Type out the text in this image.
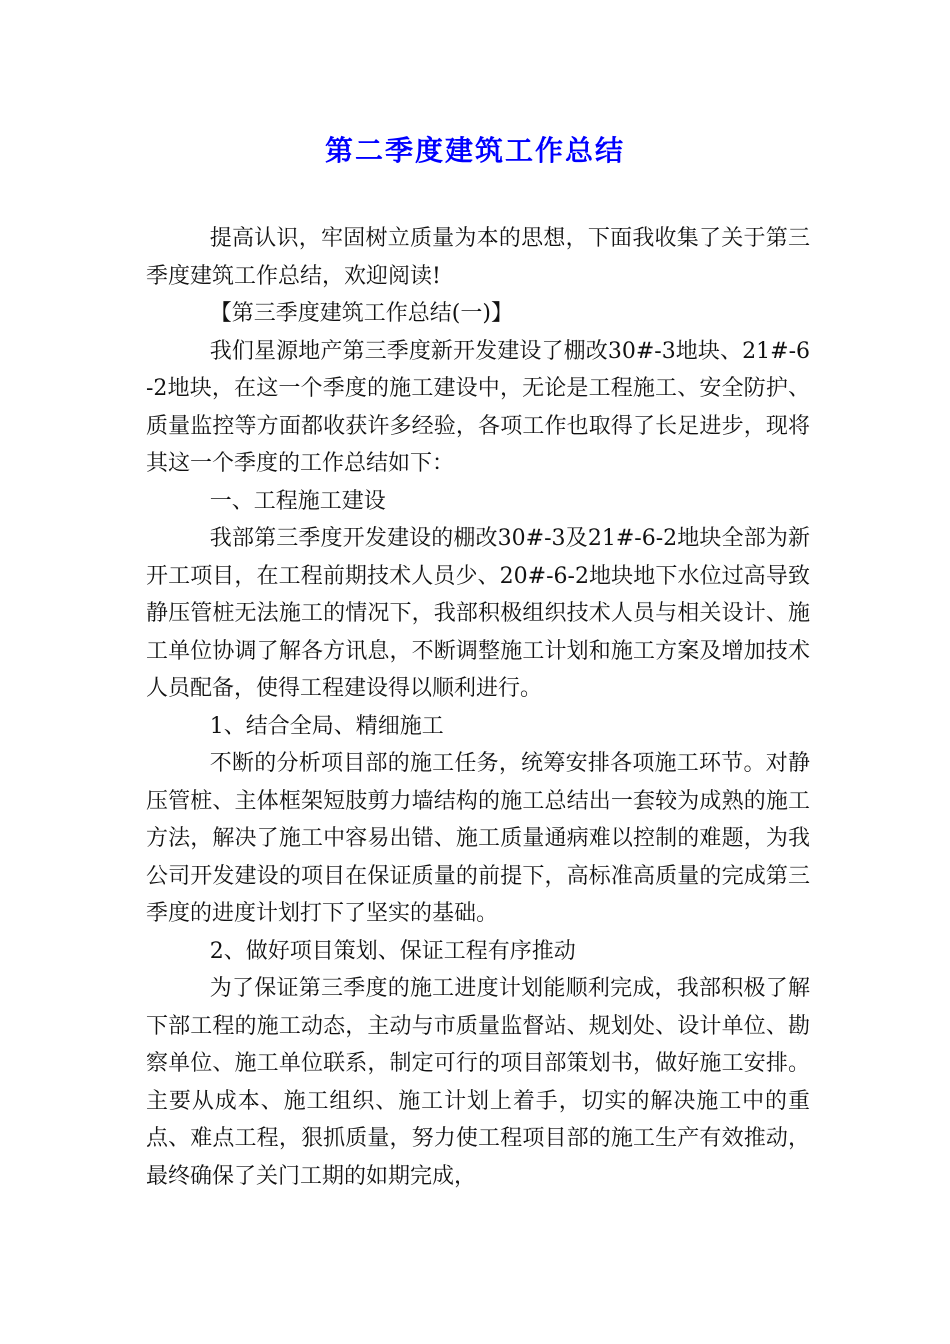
第二季度建筑工作总结

提高认识，牢固树立质量为本的思想，下面我收集了关于第三季度建筑工作总结，欢迎阅读!

【第三季度建筑工作总结(一)】

我们星源地产第三季度新开发建设了棚改30#-3地块、21#-6-2地块，在这一个季度的施工建设中，无论是工程施工、安全防护、质量监控等方面都收获许多经验，各项工作也取得了长足进步，现将其这一个季度的工作总结如下：

一、工程施工建设

我部第三季度开发建设的棚改30#-3及21#-6-2地块全部为新开工项目，在工程前期技术人员少、20#-6-2地块地下水位过高导致静压管桩无法施工的情况下，我部积极组织技术人员与相关设计、施工单位协调了解各方讯息，不断调整施工计划和施工方案及增加技术人员配备，使得工程建设得以顺利进行。

1、结合全局、精细施工

不断的分析项目部的施工任务，统筹安排各项施工环节。对静压管桩、主体框架短肢剪力墙结构的施工总结出一套较为成熟的施工方法，解决了施工中容易出错、施工质量通病难以控制的难题，为我公司开发建设的项目在保证质量的前提下，高标准高质量的完成第三季度的进度计划打下了坚实的基础。

2、做好项目策划、保证工程有序推动

为了保证第三季度的施工进度计划能顺利完成，我部积极了解下部工程的施工动态，主动与市质量监督站、规划处、设计单位、勘察单位、施工单位联系，制定可行的项目部策划书，做好施工安排。主要从成本、施工组织、施工计划上着手，切实的解决施工中的重点、难点工程，狠抓质量，努力使工程项目部的施工生产有效推动，最终确保了关门工期的如期完成，
